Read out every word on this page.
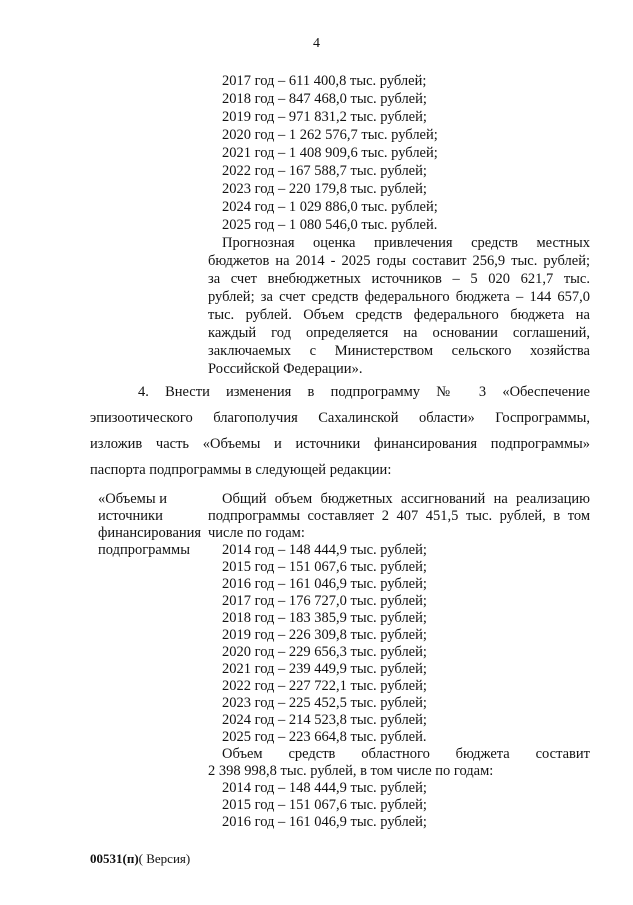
4
2017 год – 611 400,8 тыс. рублей;
2018 год – 847 468,0 тыс. рублей;
2019 год – 971 831,2 тыс. рублей;
2020 год – 1 262 576,7 тыс. рублей;
2021 год – 1 408 909,6 тыс. рублей;
2022 год – 167 588,7 тыс. рублей;
2023 год – 220 179,8 тыс. рублей;
2024 год – 1 029 886,0 тыс. рублей;
2025 год – 1 080 546,0 тыс. рублей.
Прогнозная оценка привлечения средств местных
бюджетов на 2014 - 2025 годы составит 256,9 тыс. рублей;
за счет внебюджетных источников – 5 020 621,7 тыс.
рублей; за счет средств федерального бюджета – 144 657,0
тыс. рублей. Объем средств федерального бюджета на
каждый год определяется на основании соглашений,
заключаемых с Министерством сельского хозяйства
Российской Федерации».
4. Внести изменения в подпрограмму № 3 «Обеспечение
эпизоотического благополучия Сахалинской области» Госпрограммы,
изложив часть «Объемы и источники финансирования подпрограммы»
паспорта подпрограммы в следующей редакции:
«Объемы и
источники
финансирования
подпрограммы
Общий объем бюджетных ассигнований на реализацию
подпрограммы составляет 2 407 451,5 тыс. рублей, в том
числе по годам:
2014 год – 148 444,9 тыс. рублей;
2015 год – 151 067,6 тыс. рублей;
2016 год – 161 046,9 тыс. рублей;
2017 год – 176 727,0 тыс. рублей;
2018 год – 183 385,9 тыс. рублей;
2019 год – 226 309,8 тыс. рублей;
2020 год – 229 656,3 тыс. рублей;
2021 год – 239 449,9 тыс. рублей;
2022 год – 227 722,1 тыс. рублей;
2023 год – 225 452,5 тыс. рублей;
2024 год – 214 523,8 тыс. рублей;
2025 год – 223 664,8 тыс. рублей.
Объем средств областного бюджета составит
2 398 998,8 тыс. рублей, в том числе по годам:
2014 год – 148 444,9 тыс. рублей;
2015 год – 151 067,6 тыс. рублей;
2016 год – 161 046,9 тыс. рублей;
00531(п)( Версия)
